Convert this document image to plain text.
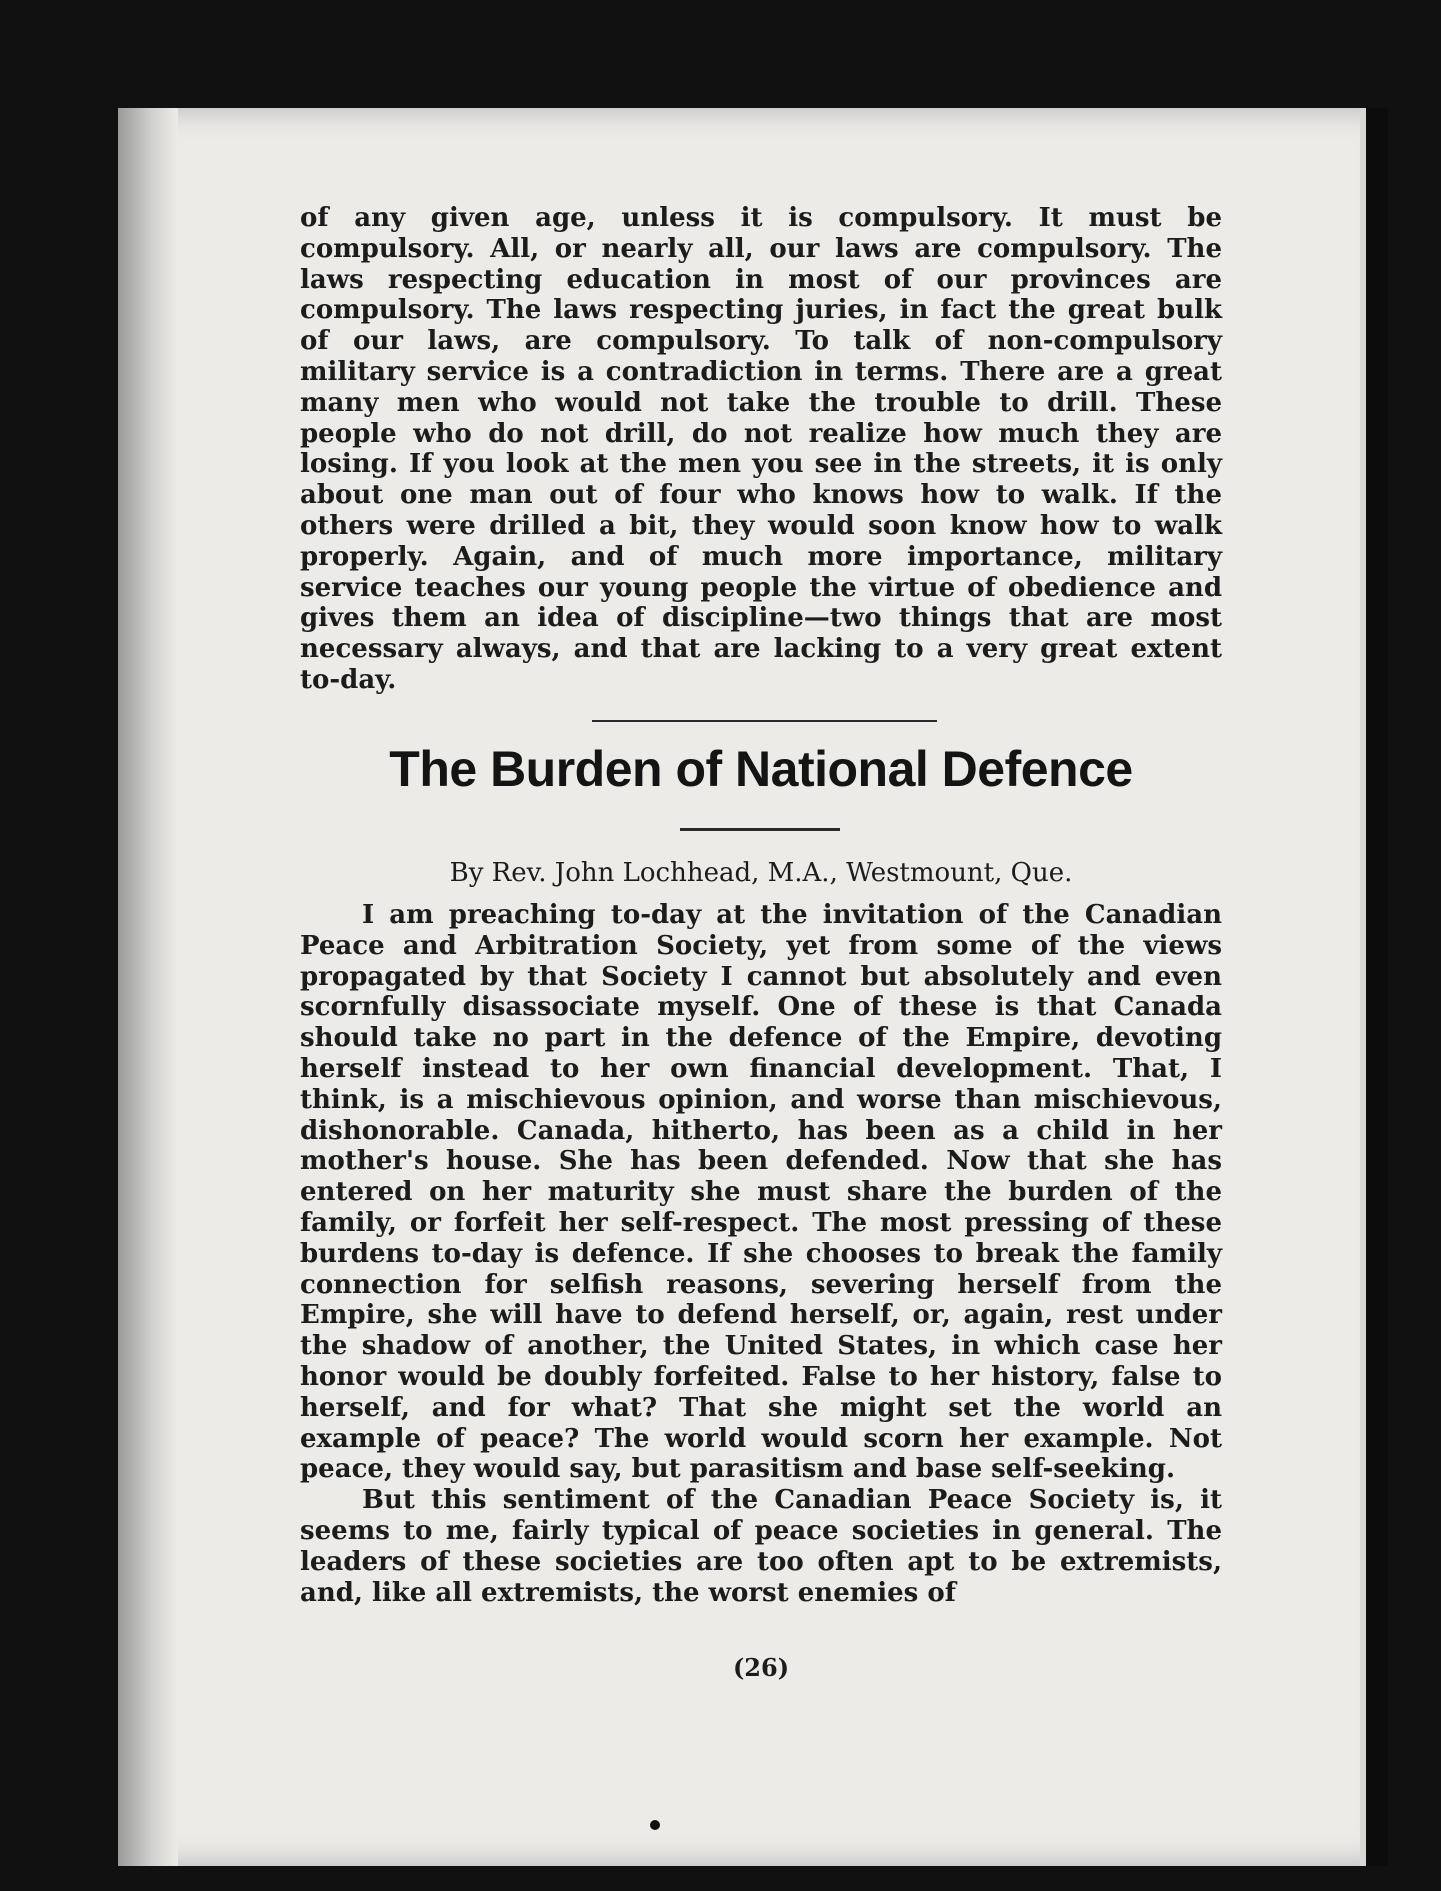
of any given age, unless it is compulsory. It must be compulsory. All, or nearly all, our laws are compulsory. The laws respecting education in most of our provinces are compulsory. The laws respecting juries, in fact the great bulk of our laws, are compulsory. To talk of non-compulsory military service is a contradiction in terms. There are a great many men who would not take the trouble to drill. These people who do not drill, do not realize how much they are losing. If you look at the men you see in the streets, it is only about one man out of four who knows how to walk. If the others were drilled a bit, they would soon know how to walk properly. Again, and of much more importance, military service teaches our young people the virtue of obedience and gives them an idea of discipline—two things that are most necessary always, and that are lacking to a very great extent to-day.
The Burden of National Defence
By Rev. John Lochhead, M.A., Westmount, Que.

I am preaching to-day at the invitation of the Canadian Peace and Arbitration Society, yet from some of the views propagated by that Society I cannot but absolutely and even scornfully disassociate myself. One of these is that Canada should take no part in the defence of the Empire, devoting herself instead to her own financial development. That, I think, is a mischievous opinion, and worse than mischievous, dishonorable. Canada, hitherto, has been as a child in her mother's house. She has been defended. Now that she has entered on her maturity she must share the burden of the family, or forfeit her self-respect. The most pressing of these burdens to-day is defence. If she chooses to break the family connection for selfish reasons, severing herself from the Empire, she will have to defend herself, or, again, rest under the shadow of another, the United States, in which case her honor would be doubly forfeited. False to her history, false to herself, and for what? That she might set the world an example of peace? The world would scorn her example. Not peace, they would say, but parasitism and base self-seeking.

But this sentiment of the Canadian Peace Society is, it seems to me, fairly typical of peace societies in general. The leaders of these societies are too often apt to be extremists, and, like all extremists, the worst enemies of

(26)
